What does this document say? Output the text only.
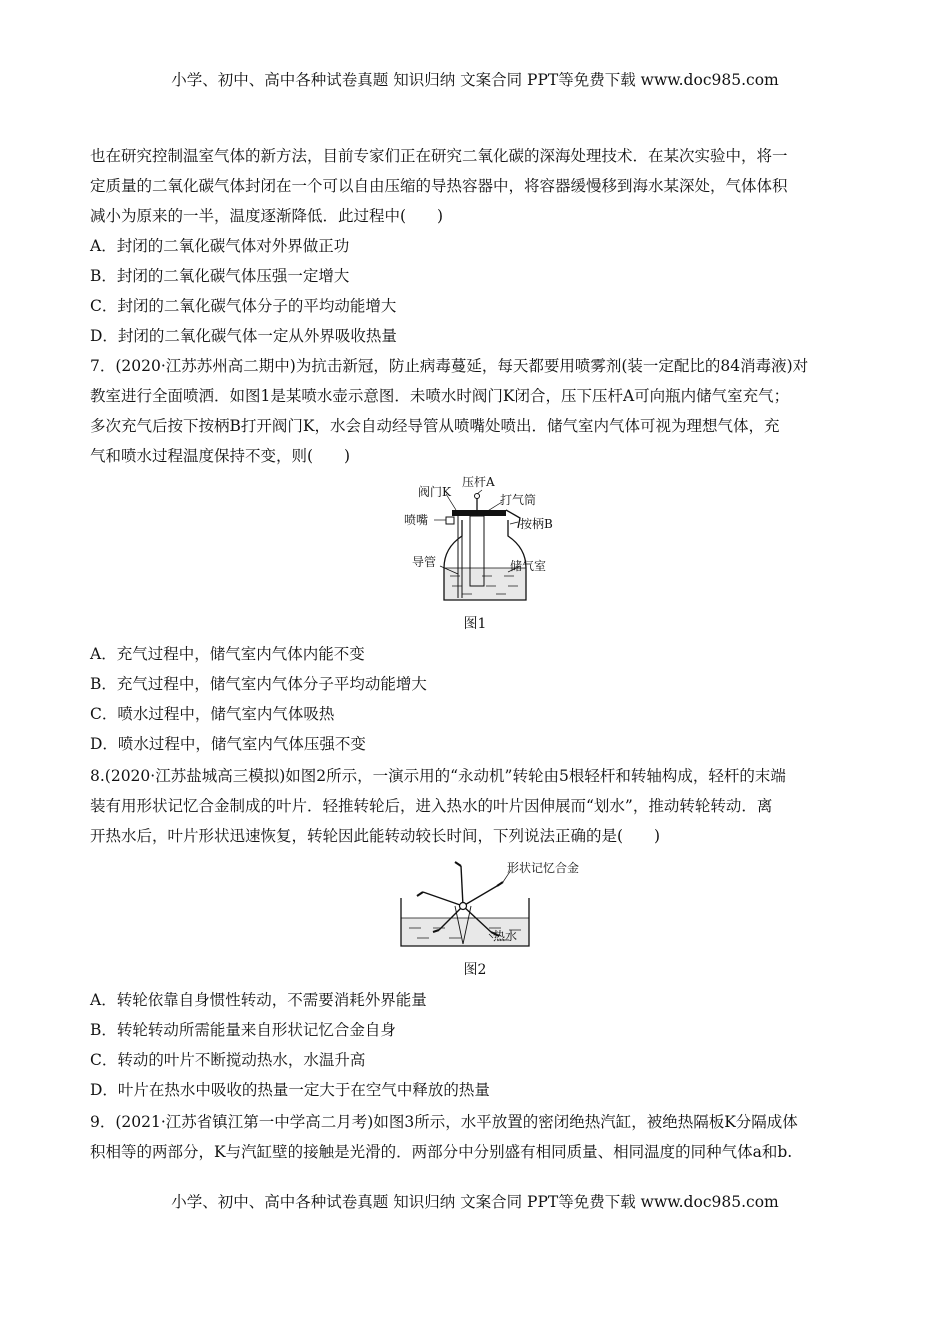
小学、初中、高中各种试卷真题 知识归纳 文案合同 PPT等免费下载 www.doc985.com
也在研究控制温室气体的新方法，目前专家们正在研究二氧化碳的深海处理技术．在某次实验中，将一
定质量的二氧化碳气体封闭在一个可以自由压缩的导热容器中，将容器缓慢移到海水某深处，气体体积
减小为原来的一半，温度逐渐降低．此过程中(　　)
A．封闭的二氧化碳气体对外界做正功
B．封闭的二氧化碳气体压强一定增大
C．封闭的二氧化碳气体分子的平均动能增大
D．封闭的二氧化碳气体一定从外界吸收热量
7．(2020·江苏苏州高二期中)为抗击新冠，防止病毒蔓延，每天都要用喷雾剂(装一定配比的84消毒液)对
教室进行全面喷洒．如图1是某喷水壶示意图．未喷水时阀门K闭合，压下压杆A可向瓶内储气室充气；
多次充气后按下按柄B打开阀门K，水会自动经导管从喷嘴处喷出．储气室内气体可视为理想气体，充
气和喷水过程温度保持不变，则(　　)
阀门K
压杆A
打气筒
喷嘴	按柄B
导管	储气室
图1
A．充气过程中，储气室内气体内能不变
B．充气过程中，储气室内气体分子平均动能增大
C．喷水过程中，储气室内气体吸热
D．喷水过程中，储气室内气体压强不变
8.(2020·江苏盐城高三模拟)如图2所示，一演示用的“永动机”转轮由5根轻杆和转轴构成，轻杆的末端
装有用形状记忆合金制成的叶片．轻推转轮后，进入热水的叶片因伸展而“划水”，推动转轮转动．离
开热水后，叶片形状迅速恢复，转轮因此能转动较长时间，下列说法正确的是(　　)
形状记忆合金
热水
图2
A．转轮依靠自身惯性转动，不需要消耗外界能量
B．转轮转动所需能量来自形状记忆合金自身
C．转动的叶片不断搅动热水，水温升高
D．叶片在热水中吸收的热量一定大于在空气中释放的热量
9．(2021·江苏省镇江第一中学高二月考)如图3所示，水平放置的密闭绝热汽缸，被绝热隔板K分隔成体
积相等的两部分，K与汽缸壁的接触是光滑的．两部分中分别盛有相同质量、相同温度的同种气体a和b.
小学、初中、高中各种试卷真题 知识归纳 文案合同 PPT等免费下载 www.doc985.com
